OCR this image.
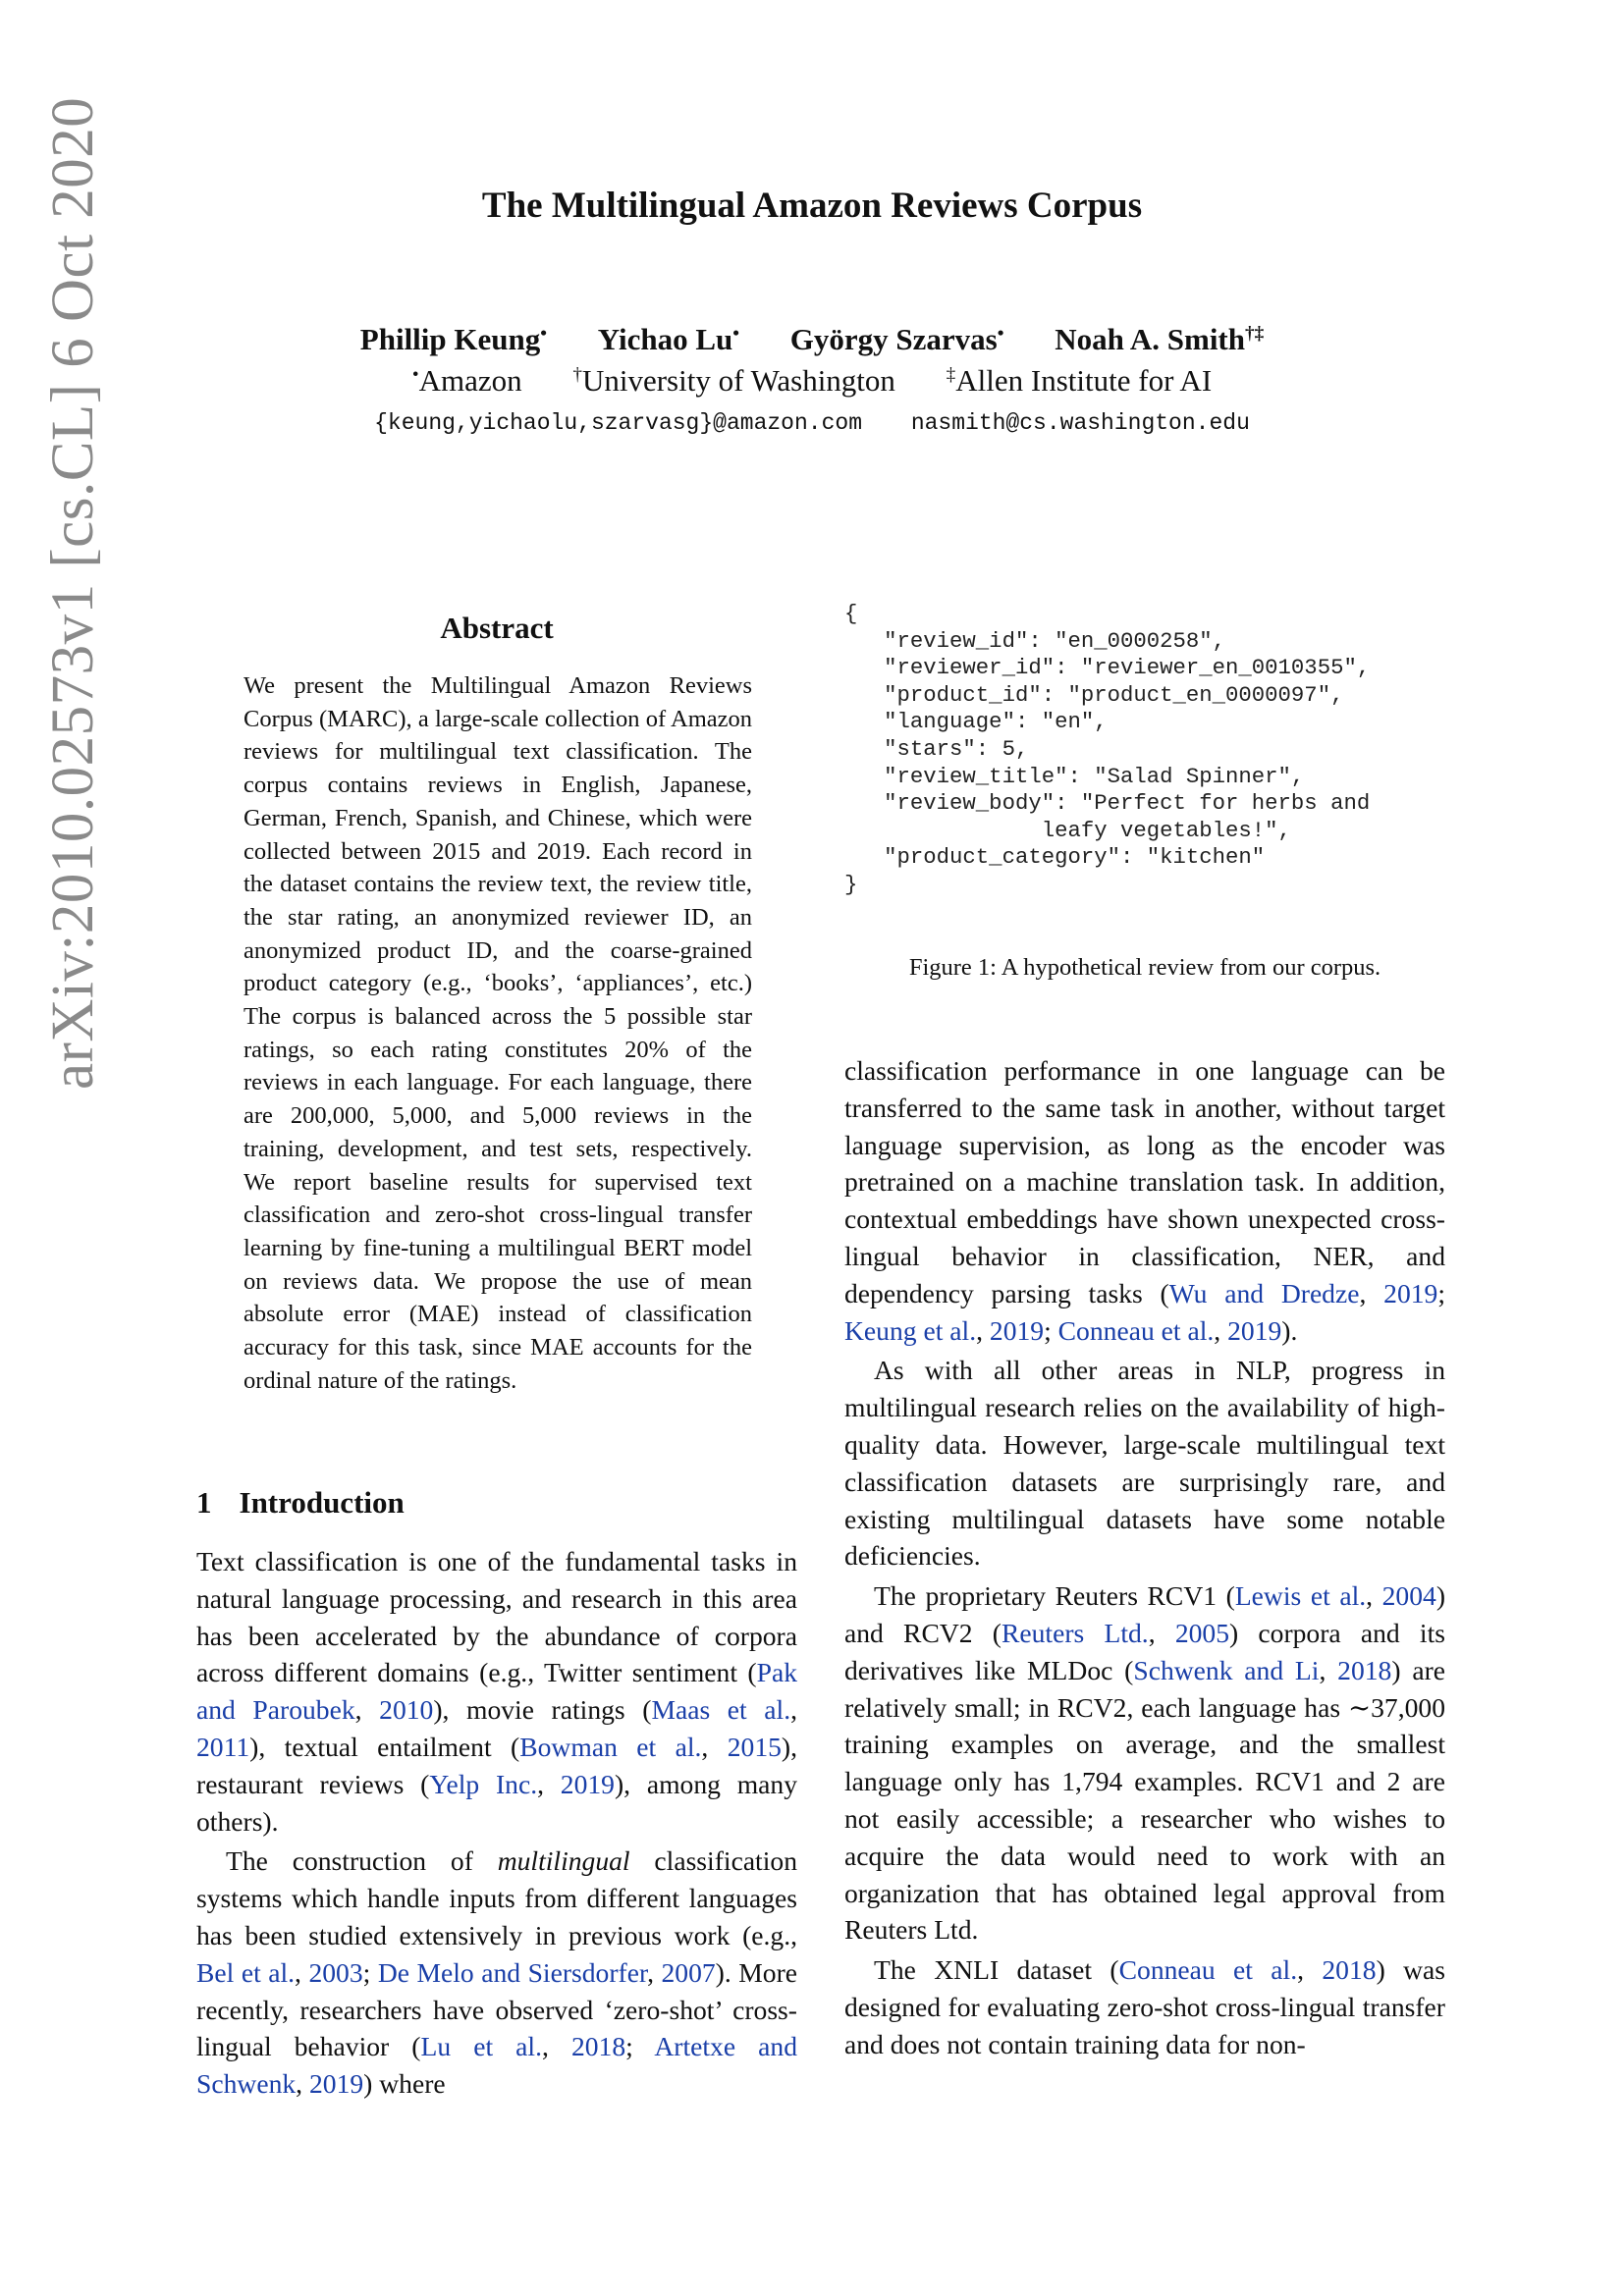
arXiv:2010.02573v1 [cs.CL] 6 Oct 2020	The Multilingual Amazon Reviews Corpus
Phillip Keung• Yichao Lu• György Szarvas• Noah A. Smith†‡
•Amazon	†University of Washington	‡Allen Institute for AI
{keung,yichaolu,szarvasg}@amazon.com nasmith@cs.washington.edu
Abstract

We present the Multilingual Amazon Reviews Corpus (MARC), a large-scale collection of Amazon reviews for multilingual text classification. The corpus contains reviews in English, Japanese, German, French, Spanish, and Chinese, which were collected between 2015 and 2019. Each record in the dataset contains the review text, the review title, the star rating, an anonymized reviewer ID, an anonymized product ID, and the coarse-grained product category (e.g., ‘books’, ‘appliances’, etc.) The corpus is balanced across the 5 possible star ratings, so each rating constitutes 20% of the reviews in each language. For each language, there are 200,000, 5,000, and 5,000 reviews in the training, development, and test sets, respectively. We report baseline results for supervised text classification and zero-shot cross-lingual transfer learning by fine-tuning a multilingual BERT model on reviews data. We propose the use of mean absolute error (MAE) instead of classification accuracy for this task, since MAE accounts for the ordinal nature of the ratings.

{
"review_id": "en_0000258",
"reviewer_id": "reviewer_en_0010355",
"product_id": "product_en_0000097",
"language": "en",
"stars": 5,
"review_title": "Salad Spinner",
"review_body": "Perfect for herbs and
leafy vegetables!",
"product_category": "kitchen"
}
Figure 1: A hypothetical review from our corpus.
1 Introduction

Text classification is one of the fundamental tasks in natural language processing, and research in this area has been accelerated by the abundance of corpora across different domains (e.g., Twitter sentiment (Pak and Paroubek, 2010), movie ratings (Maas et al., 2011), textual entailment (Bowman et al., 2015), restaurant reviews (Yelp Inc., 2019), among many others).

The construction of multilingual classification systems which handle inputs from different languages has been studied extensively in previous work (e.g., Bel et al., 2003; De Melo and Siersdorfer, 2007). More recently, researchers have observed ‘zero-shot’ cross-lingual behavior (Lu et al., 2018; Artetxe and Schwenk, 2019) where

classification performance in one language can be transferred to the same task in another, without target language supervision, as long as the encoder was pretrained on a machine translation task. In addition, contextual embeddings have shown unexpected cross-lingual behavior in classification, NER, and dependency parsing tasks (Wu and Dredze, 2019; Keung et al., 2019; Conneau et al., 2019).

As with all other areas in NLP, progress in multilingual research relies on the availability of high-quality data. However, large-scale multilingual text classification datasets are surprisingly rare, and existing multilingual datasets have some notable deficiencies.

The proprietary Reuters RCV1 (Lewis et al., 2004) and RCV2 (Reuters Ltd., 2005) corpora and its derivatives like MLDoc (Schwenk and Li, 2018) are relatively small; in RCV2, each language has ∼37,000 training examples on average, and the smallest language only has 1,794 examples. RCV1 and 2 are not easily accessible; a researcher who wishes to acquire the data would need to work with an organization that has obtained legal approval from Reuters Ltd.

The XNLI dataset (Conneau et al., 2018) was designed for evaluating zero-shot cross-lingual transfer and does not contain training data for non-
